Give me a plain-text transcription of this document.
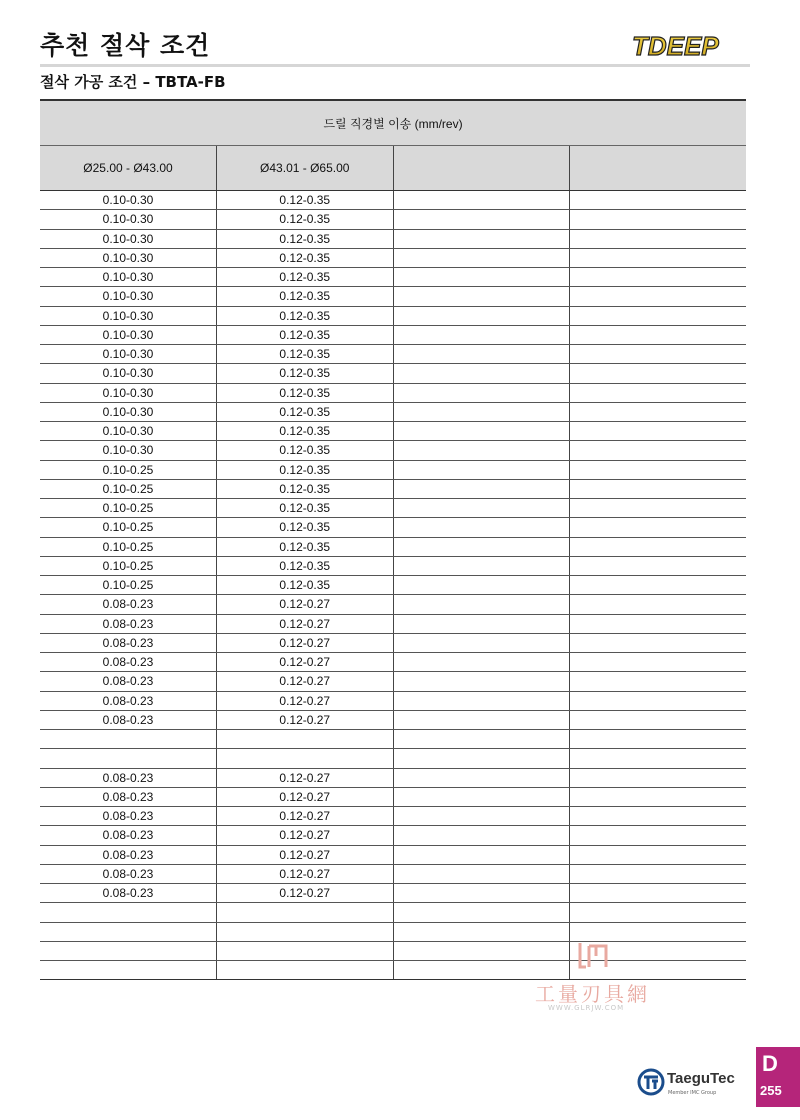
추천 절삭 조건	TDEEP
절삭 가공 조건 – TBTA-FB
드릴 직경별 이송 (mm/rev)			
Ø25.00 - Ø43.00	Ø43.01 - Ø65.00		
0.10-0.30	0.12-0.35		
0.10-0.30	0.12-0.35		
0.10-0.30	0.12-0.35		
0.10-0.30	0.12-0.35		
0.10-0.30	0.12-0.35		
0.10-0.30	0.12-0.35		
0.10-0.30	0.12-0.35		
0.10-0.30	0.12-0.35		
0.10-0.30	0.12-0.35		
0.10-0.30	0.12-0.35		
0.10-0.30	0.12-0.35		
0.10-0.30	0.12-0.35		
0.10-0.30	0.12-0.35		
0.10-0.30	0.12-0.35		
0.10-0.25	0.12-0.35		
0.10-0.25	0.12-0.35		
0.10-0.25	0.12-0.35		
0.10-0.25	0.12-0.35		
0.10-0.25	0.12-0.35		
0.10-0.25	0.12-0.35		
0.10-0.25	0.12-0.35		
0.08-0.23	0.12-0.27		
0.08-0.23	0.12-0.27		
0.08-0.23	0.12-0.27		
0.08-0.23	0.12-0.27		
0.08-0.23	0.12-0.27		
0.08-0.23	0.12-0.27		
0.08-0.23	0.12-0.27		

0.08-0.23	0.12-0.27		
0.08-0.23	0.12-0.27		
0.08-0.23	0.12-0.27		
0.08-0.23	0.12-0.27		
0.08-0.23	0.12-0.27		
0.08-0.23	0.12-0.27		
0.08-0.23	0.12-0.27		

工量刃具網
WWW.GLRJW.COM
TaeguTec
Member IMC Group
D
255
